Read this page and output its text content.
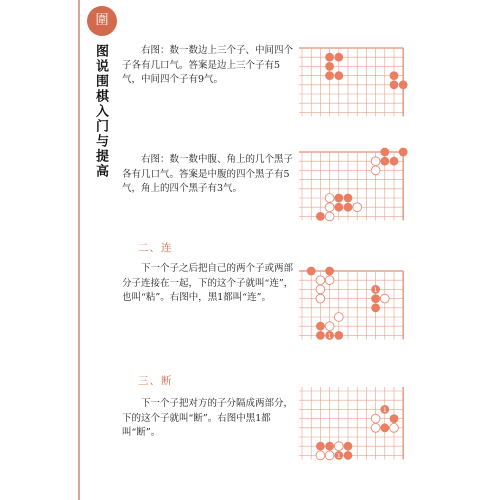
圍
图说围棋入门与提高	右图：数一数边上三个子、中间四个子各有几口气。答案是边上三个子有5气，中间四个子有9气。

右图：数一数中腹、角上的几个黑子各有几口气。答案是中腹的四个黑子有5气，角上的四个黑子有3气。

二、连

下一个子之后把自己的两个子或两部分子连接在一起，下的这个子就叫“连”，也叫“粘”。右图中，黑1都叫“连”。

1
1
三、断

下一个子把对方的子分隔成两部分，下的这个子就叫“断”。右图中黑1都叫“断”。

1
1
